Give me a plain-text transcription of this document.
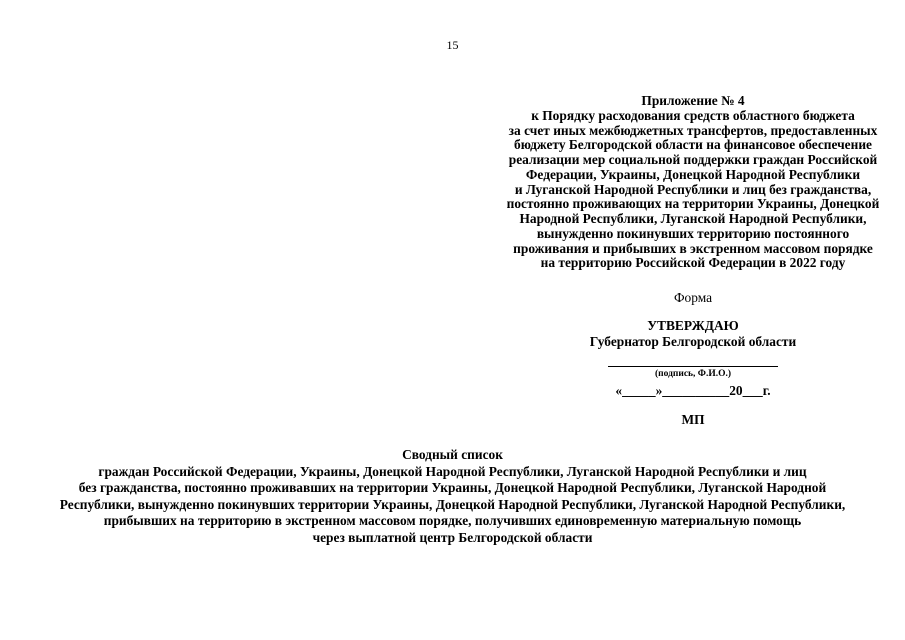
15
Приложение № 4
к Порядку расходования средств областного бюджета
за счет иных межбюджетных трансфертов, предоставленных
бюджету Белгородской области на финансовое обеспечение
реализации мер социальной поддержки граждан Российской
Федерации, Украины, Донецкой Народной Республики
и Луганской Народной Республики и лиц без гражданства,
постоянно проживающих на территории Украины, Донецкой
Народной Республики, Луганской Народной Республики,
вынужденно покинувших территорию постоянного
проживания и прибывших в экстренном массовом порядке
на территорию Российской Федерации в 2022 году
Форма
УТВЕРЖДАЮ
Губернатор Белгородской области
(подпись, Ф.И.О.)
«_____»__________20___г.
МП
Сводный список
граждан Российской Федерации, Украины, Донецкой Народной Республики, Луганской Народной Республики и лиц
без гражданства, постоянно проживавших на территории Украины, Донецкой Народной Республики, Луганской Народной
Республики, вынужденно покинувших территории Украины, Донецкой Народной Республики, Луганской Народной Республики,
прибывших на территорию в экстренном массовом порядке, получивших единовременную материальную помощь
через выплатной центр Белгородской области
